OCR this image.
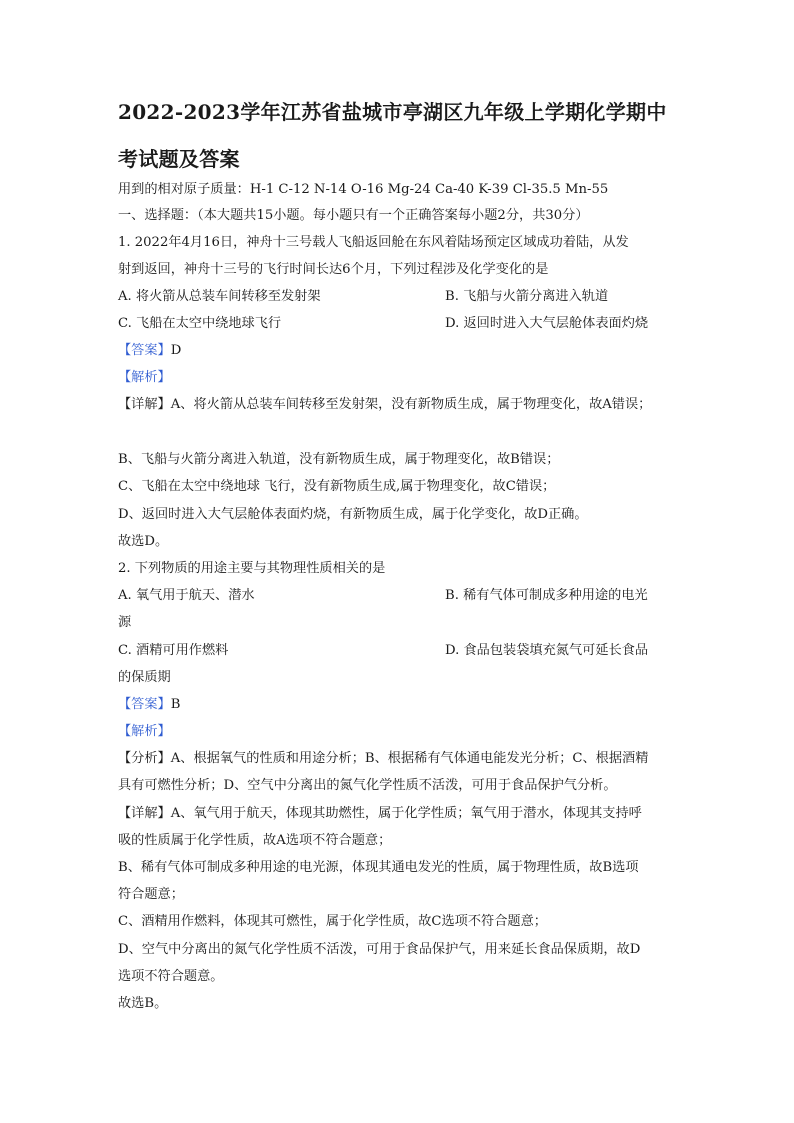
2022-2023学年江苏省盐城市亭湖区九年级上学期化学期中
考试题及答案
用到的相对原子质量：H-1 C-12 N-14 O-16 Mg-24 Ca-40 K-39 Cl-35.5 Mn-55
一、选择题：（本大题共15小题。每小题只有一个正确答案每小题2分，共30分）
1. 2022年4月16日，神舟十三号载人飞船返回舱在东风着陆场预定区域成功着陆，从发
射到返回，神舟十三号的飞行时间长达6个月，下列过程涉及化学变化的是
A. 将火箭从总装车间转移至发射架	B. 飞船与火箭分离进入轨道
C. 飞船在太空中绕地球飞行	D. 返回时进入大气层舱体表面灼烧
【答案】D
【解析】
【详解】A、将火箭从总装车间转移至发射架，没有新物质生成，属于物理变化，故A错误；
B、飞船与火箭分离进入轨道，没有新物质生成，属于物理变化，故B错误；
C、飞船在太空中绕地球 飞行，没有新物质生成,属于物理变化，故C错误；
D、返回时进入大气层舱体表面灼烧，有新物质生成，属于化学变化，故D正确。
故选D。
2. 下列物质的用途主要与其物理性质相关的是
A. 氧气用于航天、潜水	B. 稀有气体可制成多种用途的电光
源
C. 酒精可用作燃料	D. 食品包装袋填充氮气可延长食品
的保质期
【答案】B
【解析】
【分析】A、根据氧气的性质和用途分析；B、根据稀有气体通电能发光分析；C、根据酒精
具有可燃性分析；D、空气中分离出的氮气化学性质不活泼，可用于食品保护气分析。
【详解】A、氧气用于航天，体现其助燃性，属于化学性质；氧气用于潜水，体现其支持呼
吸的性质属于化学性质，故A选项不符合题意；
B、稀有气体可制成多种用途的电光源，体现其通电发光的性质，属于物理性质，故B选项
符合题意；
C、酒精用作燃料，体现其可燃性，属于化学性质，故C选项不符合题意；
D、空气中分离出的氮气化学性质不活泼，可用于食品保护气，用来延长食品保质期，故D
选项不符合题意。
故选B。
